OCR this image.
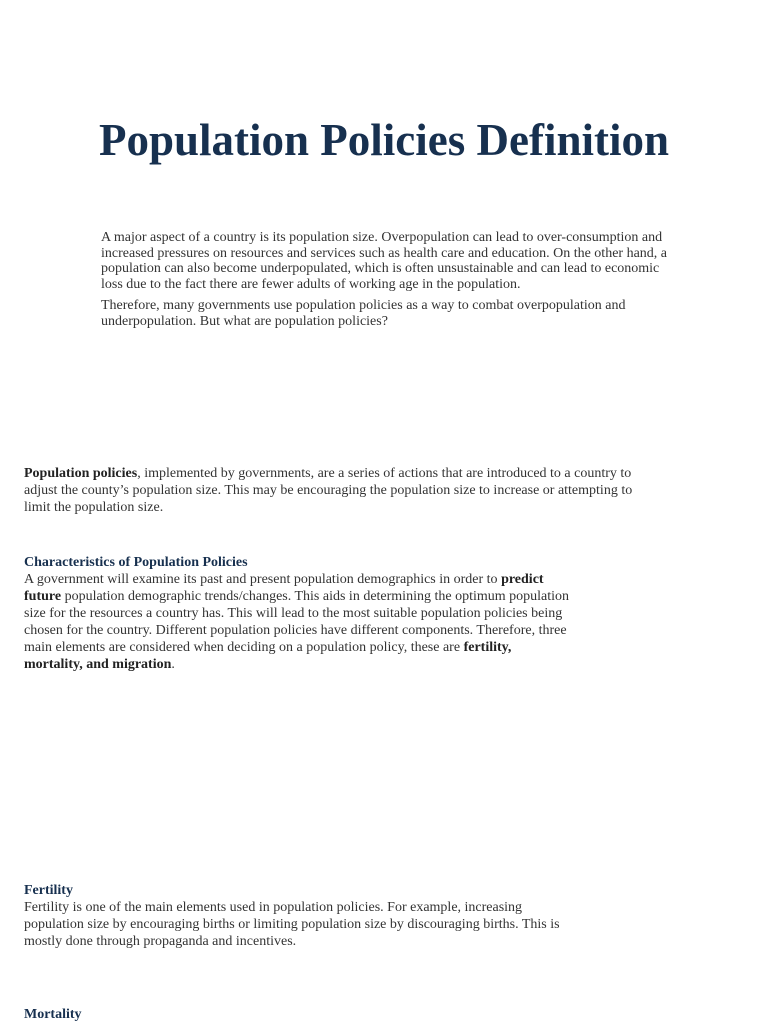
Population Policies Definition

A major aspect of a country is its population size. Overpopulation can lead to over-consumption and increased pressures on resources and services such as health care and education. On the other hand, a population can also become underpopulated, which is often unsustainable and can lead to economic loss due to the fact there are fewer adults of working age in the population.

Therefore, many governments use population policies as a way to combat overpopulation and underpopulation. But what are population policies?

Population policies, implemented by governments, are a series of actions that are introduced to a country to adjust the county’s population size. This may be encouraging the population size to increase or attempting to limit the population size.

Characteristics of Population Policies

A government will examine its past and present population demographics in order to predict future population demographic trends/changes. This aids in determining the optimum population size for the resources a country has. This will lead to the most suitable population policies being chosen for the country. Different population policies have different components. Therefore, three main elements are considered when deciding on a population policy, these are fertility, mortality, and migration.

Fertility

Fertility is one of the main elements used in population policies. For example, increasing population size by encouraging births or limiting population size by discouraging births. This is mostly done through propaganda and incentives.

Mortality
